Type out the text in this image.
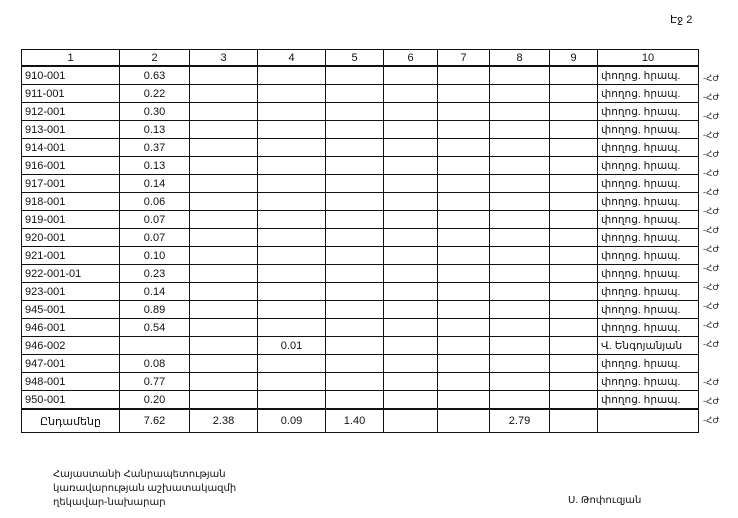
Էջ 2
1	2	3	4	5	6	7	8	9	10
910-001	0.63								փողոց. հրապ.
911-001	0.22								փողոց. հրապ.
912-001	0.30								փողոց. հրապ.
913-001	0.13								փողոց. հրապ.
914-001	0.37								փողոց. հրապ.
916-001	0.13								փողոց. հրապ.
917-001	0.14								փողոց. հրապ.
918-001	0.06								փողոց. հրապ.
919-001	0.07								փողոց. հրապ.
920-001	0.07								փողոց. հրապ.
921-001	0.10								փողոց. հրապ.
922-001-01	0.23								փողոց. հրապ.
923-001	0.14								փողոց. հրապ.
945-001	0.89								փողոց. հրապ.
946-001	0.54								փողոց. հրապ.
946-002			0.01						Վ. Ենգոյանյան
947-001	0.08								փողոց. հրապ.
948-001	0.77								փողոց. հրապ.
950-001	0.20								փողոց. հրապ.
Ընդամենը	7.62	2.38	0.09	1.40			2.79		
-ՀԺ
-ՀԺ
-ՀԺ
-ՀԺ
-ՀԺ
-ՀԺ
-ՀԺ
-ՀԺ
-ՀԺ
-ՀԺ
-ՀԺ
-ՀԺ
-ՀԺ
-ՀԺ
-ՀԺ
-ՀԺ
-ՀԺ
-ՀԺ
Հայաստանի Հանրապետության
կառավարության աշխատակազմի
ղեկավար-նախարար	Ս. Թոփուզյան
